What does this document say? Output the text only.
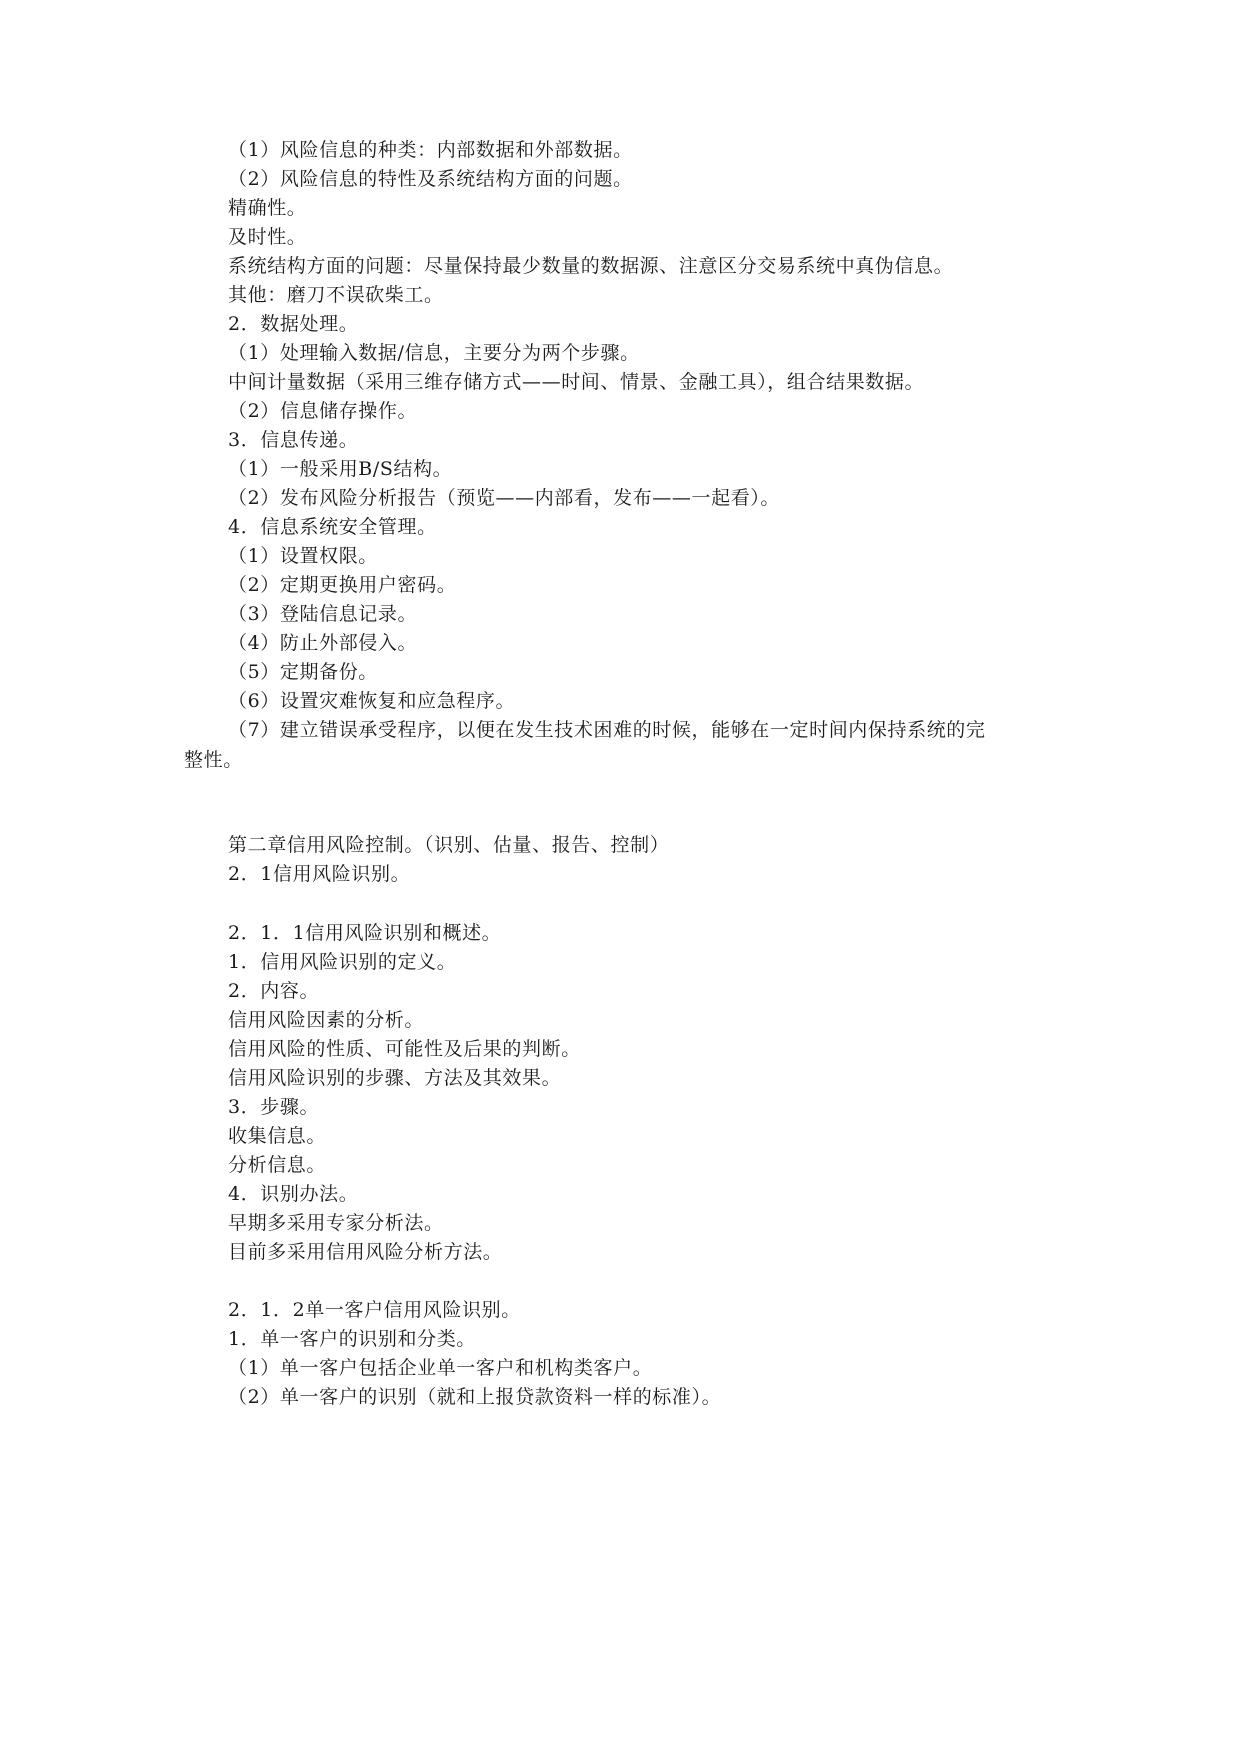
（1）风险信息的种类：内部数据和外部数据。
（2）风险信息的特性及系统结构方面的问题。
精确性。
及时性。
系统结构方面的问题：尽量保持最少数量的数据源、注意区分交易系统中真伪信息。
其他：磨刀不误砍柴工。
2．数据处理。
（1）处理输入数据/信息，主要分为两个步骤。
中间计量数据（采用三维存储方式——时间、情景、金融工具），组合结果数据。
（2）信息储存操作。
3．信息传递。
（1）一般采用B/S结构。
（2）发布风险分析报告（预览——内部看，发布——一起看）。
4．信息系统安全管理。
（1）设置权限。
（2）定期更换用户密码。
（3）登陆信息记录。
（4）防止外部侵入。
（5）定期备份。
（6）设置灾难恢复和应急程序。
（7）建立错误承受程序，以便在发生技术困难的时候，能够在一定时间内保持系统的完
整性。
第二章信用风险控制。（识别、估量、报告、控制）
2．1信用风险识别。
2．1．1信用风险识别和概述。
1．信用风险识别的定义。
2．内容。
信用风险因素的分析。
信用风险的性质、可能性及后果的判断。
信用风险识别的步骤、方法及其效果。
3．步骤。
收集信息。
分析信息。
4．识别办法。
早期多采用专家分析法。
目前多采用信用风险分析方法。
2．1．2单一客户信用风险识别。
1．单一客户的识别和分类。
（1）单一客户包括企业单一客户和机构类客户。
（2）单一客户的识别（就和上报贷款资料一样的标准）。
